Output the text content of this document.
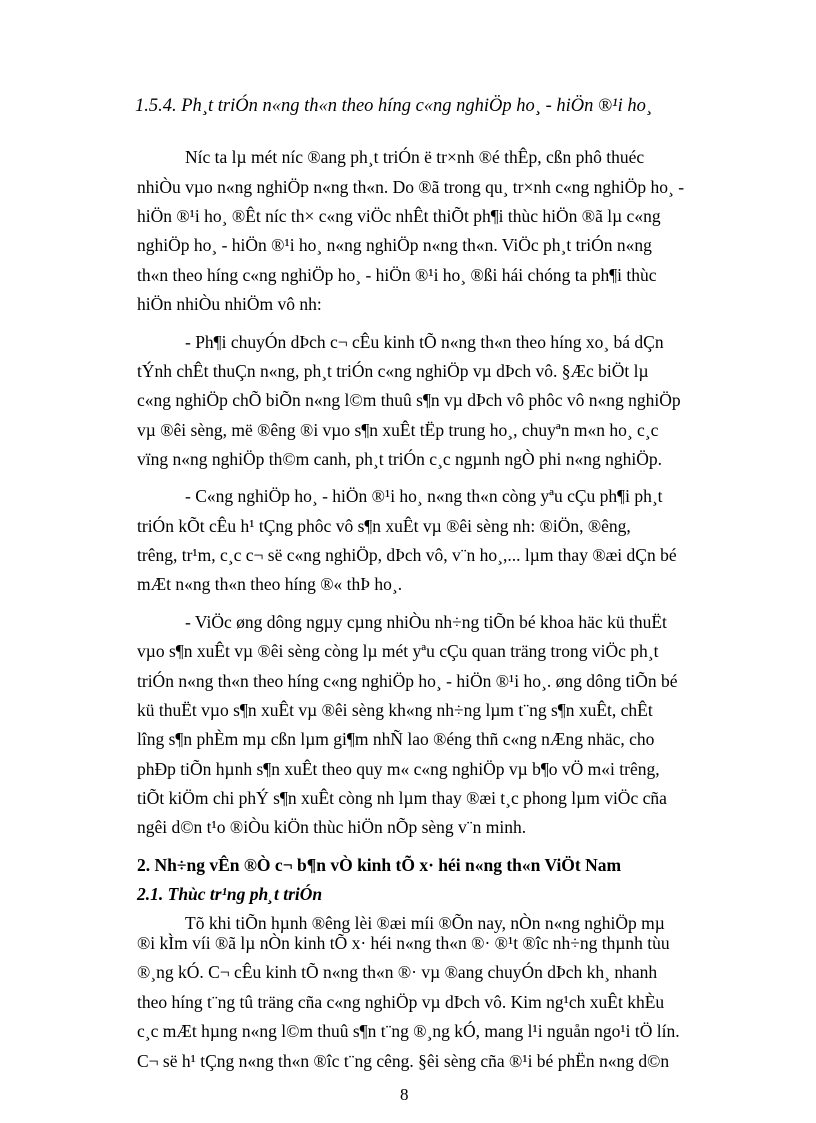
1.5.4. Ph¸t triÓn n«ng th«n theo híng c«ng nghiÖp ho¸ - hiÖn ®¹i ho¸
Níc ta lµ mét níc ®ang ph¸t triÓn ë tr×nh ®é thÊp, cßn phô thuéc
nhiÒu vµo n«ng nghiÖp n«ng th«n. Do ®ã trong qu¸ tr×nh c«ng nghiÖp ho¸ -
hiÖn ®¹i ho¸ ®Êt níc th× c«ng viÖc nhÊt thiÕt ph¶i thùc hiÖn ®ã lµ c«ng
nghiÖp ho¸ - hiÖn ®¹i ho¸ n«ng nghiÖp n«ng th«n. ViÖc ph¸t triÓn n«ng
th«n theo híng c«ng nghiÖp ho¸ - hiÖn ®¹i ho¸ ®ßi hái chóng ta ph¶i thùc
hiÖn nhiÒu nhiÖm vô nh:
- Ph¶i chuyÓn dÞch c¬ cÊu kinh tÕ n«ng th«n theo híng xo¸ bá dÇn
tÝnh chÊt thuÇn n«ng, ph¸t triÓn c«ng nghiÖp vµ dÞch vô. §Æc biÖt lµ
c«ng nghiÖp chÕ biÕn n«ng l©m thuû s¶n vµ dÞch vô phôc vô n«ng nghiÖp
vµ ®êi sèng, më ®êng ®i vµo s¶n xuÊt tËp trung ho¸, chuyªn m«n ho¸ c¸c
vïng n«ng nghiÖp th©m canh, ph¸t triÓn c¸c ngµnh ngÒ phi n«ng nghiÖp.
- C«ng nghiÖp ho¸ - hiÖn ®¹i ho¸ n«ng th«n còng yªu cÇu ph¶i ph¸t
triÓn kÕt cÊu h¹ tÇng phôc vô s¶n xuÊt vµ ®êi sèng nh: ®iÖn, ®êng,
trêng, tr¹m, c¸c c¬ së c«ng nghiÖp, dÞch vô, v¨n ho¸,... lµm thay ®æi dÇn bé
mÆt n«ng th«n theo híng ®« thÞ ho¸.
- ViÖc øng dông ngµy cµng nhiÒu nh÷ng tiÕn bé khoa häc kü thuËt
vµo s¶n xuÊt vµ ®êi sèng còng lµ mét yªu cÇu quan träng trong viÖc ph¸t
triÓn n«ng th«n theo híng c«ng nghiÖp ho¸ - hiÖn ®¹i ho¸. øng dông tiÕn bé
kü thuËt vµo s¶n xuÊt vµ ®êi sèng kh«ng nh÷ng lµm t¨ng s¶n xuÊt, chÊt
lîng s¶n phÈm mµ cßn lµm gi¶m nhÑ lao ®éng thñ c«ng nÆng nhäc, cho
phÐp tiÕn hµnh s¶n xuÊt theo quy m« c«ng nghiÖp vµ b¶o vÖ m«i trêng,
tiÕt kiÖm chi phÝ s¶n xuÊt còng nh lµm thay ®æi t¸c phong lµm viÖc cña
ngêi d©n t¹o ®iÒu kiÖn thùc hiÖn nÕp sèng v¨n minh.
2. Nh÷ng vÊn ®Ò c¬ b¶n vÒ kinh tÕ x· héi n«ng th«n ViÖt Nam
2.1. Thùc tr¹ng ph¸t triÓn
Tõ khi tiÕn hµnh ®êng lèi ®æi míi ®Õn nay, nÒn n«ng nghiÖp mµ
8
®i kÌm víi ®ã lµ nÒn kinh tÕ x· héi n«ng th«n ®· ®¹t ®îc nh÷ng thµnh tùu
®¸ng kÓ. C¬ cÊu kinh tÕ n«ng th«n ®· vµ ®ang chuyÓn dÞch kh¸ nhanh
theo híng t¨ng tû träng cña c«ng nghiÖp vµ dÞch vô. Kim ng¹ch xuÊt khÈu
c¸c mÆt hµng n«ng l©m thuû s¶n t¨ng ®¸ng kÓ, mang l¹i nguån ngo¹i tÖ lín.
C¬ së h¹ tÇng n«ng th«n ®îc t¨ng cêng. §êi sèng cña ®¹i bé phËn n«ng d©n
